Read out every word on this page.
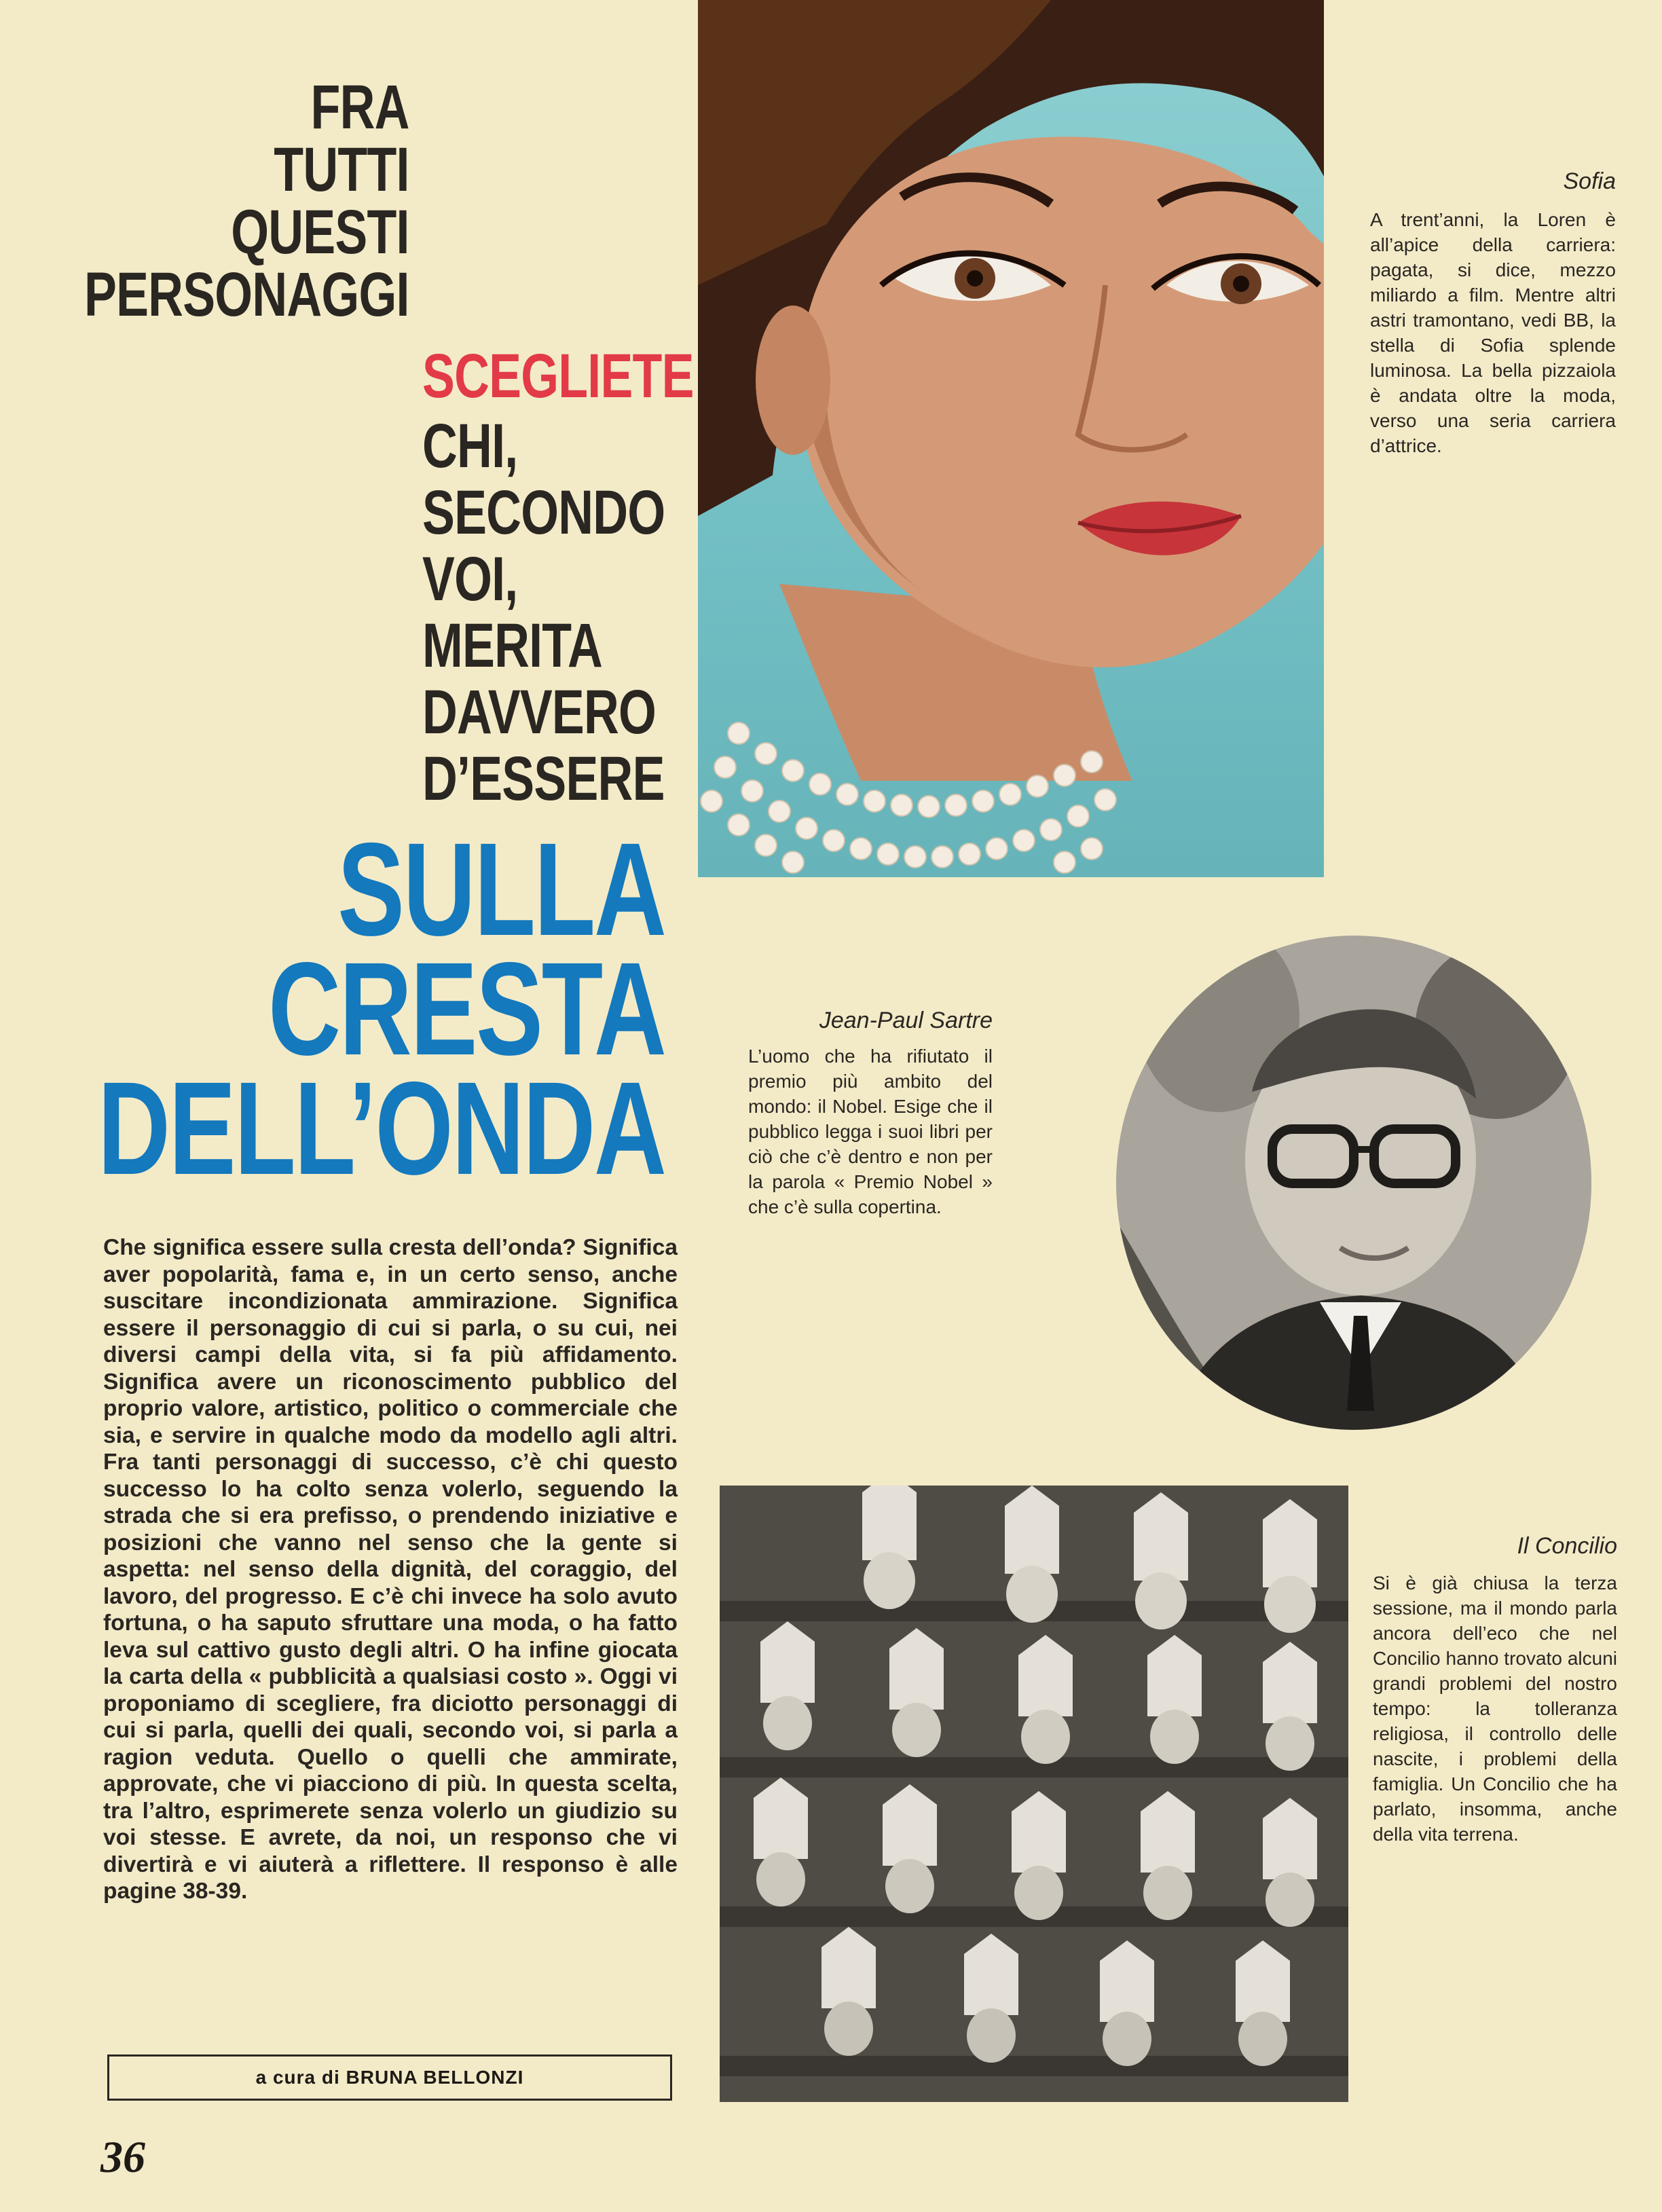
FRA
TUTTI
QUESTI
PERSONAGGI
SCEGLIETE
CHI,
SECONDO
VOI,
MERITA
DAVVERO
D’ESSERE
SULLA
CRESTA
DELL’ONDA

Sofia

A trent’anni, la Loren è all’apice della carriera: pagata, si dice, mezzo miliardo a film. Mentre altri astri tramontano, vedi BB, la stella di Sofia splende luminosa. La bella pizzaiola è andata oltre la moda, verso una seria carriera d’attrice.

Jean-Paul Sartre

L’uomo che ha rifiutato il premio più ambito del mondo: il Nobel. Esige che il pubblico legga i suoi libri per ciò che c’è dentro e non per la parola « Premio Nobel » che c’è sulla copertina.

Che significa essere sulla cresta dell’onda? Significa aver popolarità, fama e, in un certo senso, anche suscitare incondizionata ammirazione. Significa essere il personaggio di cui si parla, o su cui, nei diversi campi della vita, si fa più affidamento. Significa avere un riconoscimento pubblico del proprio valore, artistico, politico o commerciale che sia, e servire in qualche modo da modello agli altri. Fra tanti personaggi di successo, c’è chi questo successo lo ha colto senza volerlo, seguendo la strada che si era prefisso, o prendendo iniziative e posizioni che vanno nel senso che la gente si aspetta: nel senso della dignità, del coraggio, del lavoro, del progresso. E c’è chi invece ha solo avuto fortuna, o ha saputo sfruttare una moda, o ha fatto leva sul cattivo gusto degli altri. O ha infine giocata la carta della « pubblicità a qualsiasi costo ». Oggi vi proponiamo di scegliere, fra diciotto personaggi di cui si parla, quelli dei quali, secondo voi, si parla a ragion veduta. Quello o quelli che ammirate, approvate, che vi piacciono di più. In questa scelta, tra l’altro, esprimerete senza volerlo un giudizio su voi stesse. E avrete, da noi, un responso che vi divertirà e vi aiuterà a riflettere. Il responso è alle pagine 38-39.

Il Concilio

Si è già chiusa la terza sessione, ma il mondo parla ancora dell’eco che nel Concilio hanno trovato alcuni grandi problemi del nostro tempo: la tolleranza religiosa, il controllo delle nascite, i problemi della famiglia. Un Concilio che ha parlato, insomma, anche della vita terrena.

a cura di BRUNA BELLONZI
36
